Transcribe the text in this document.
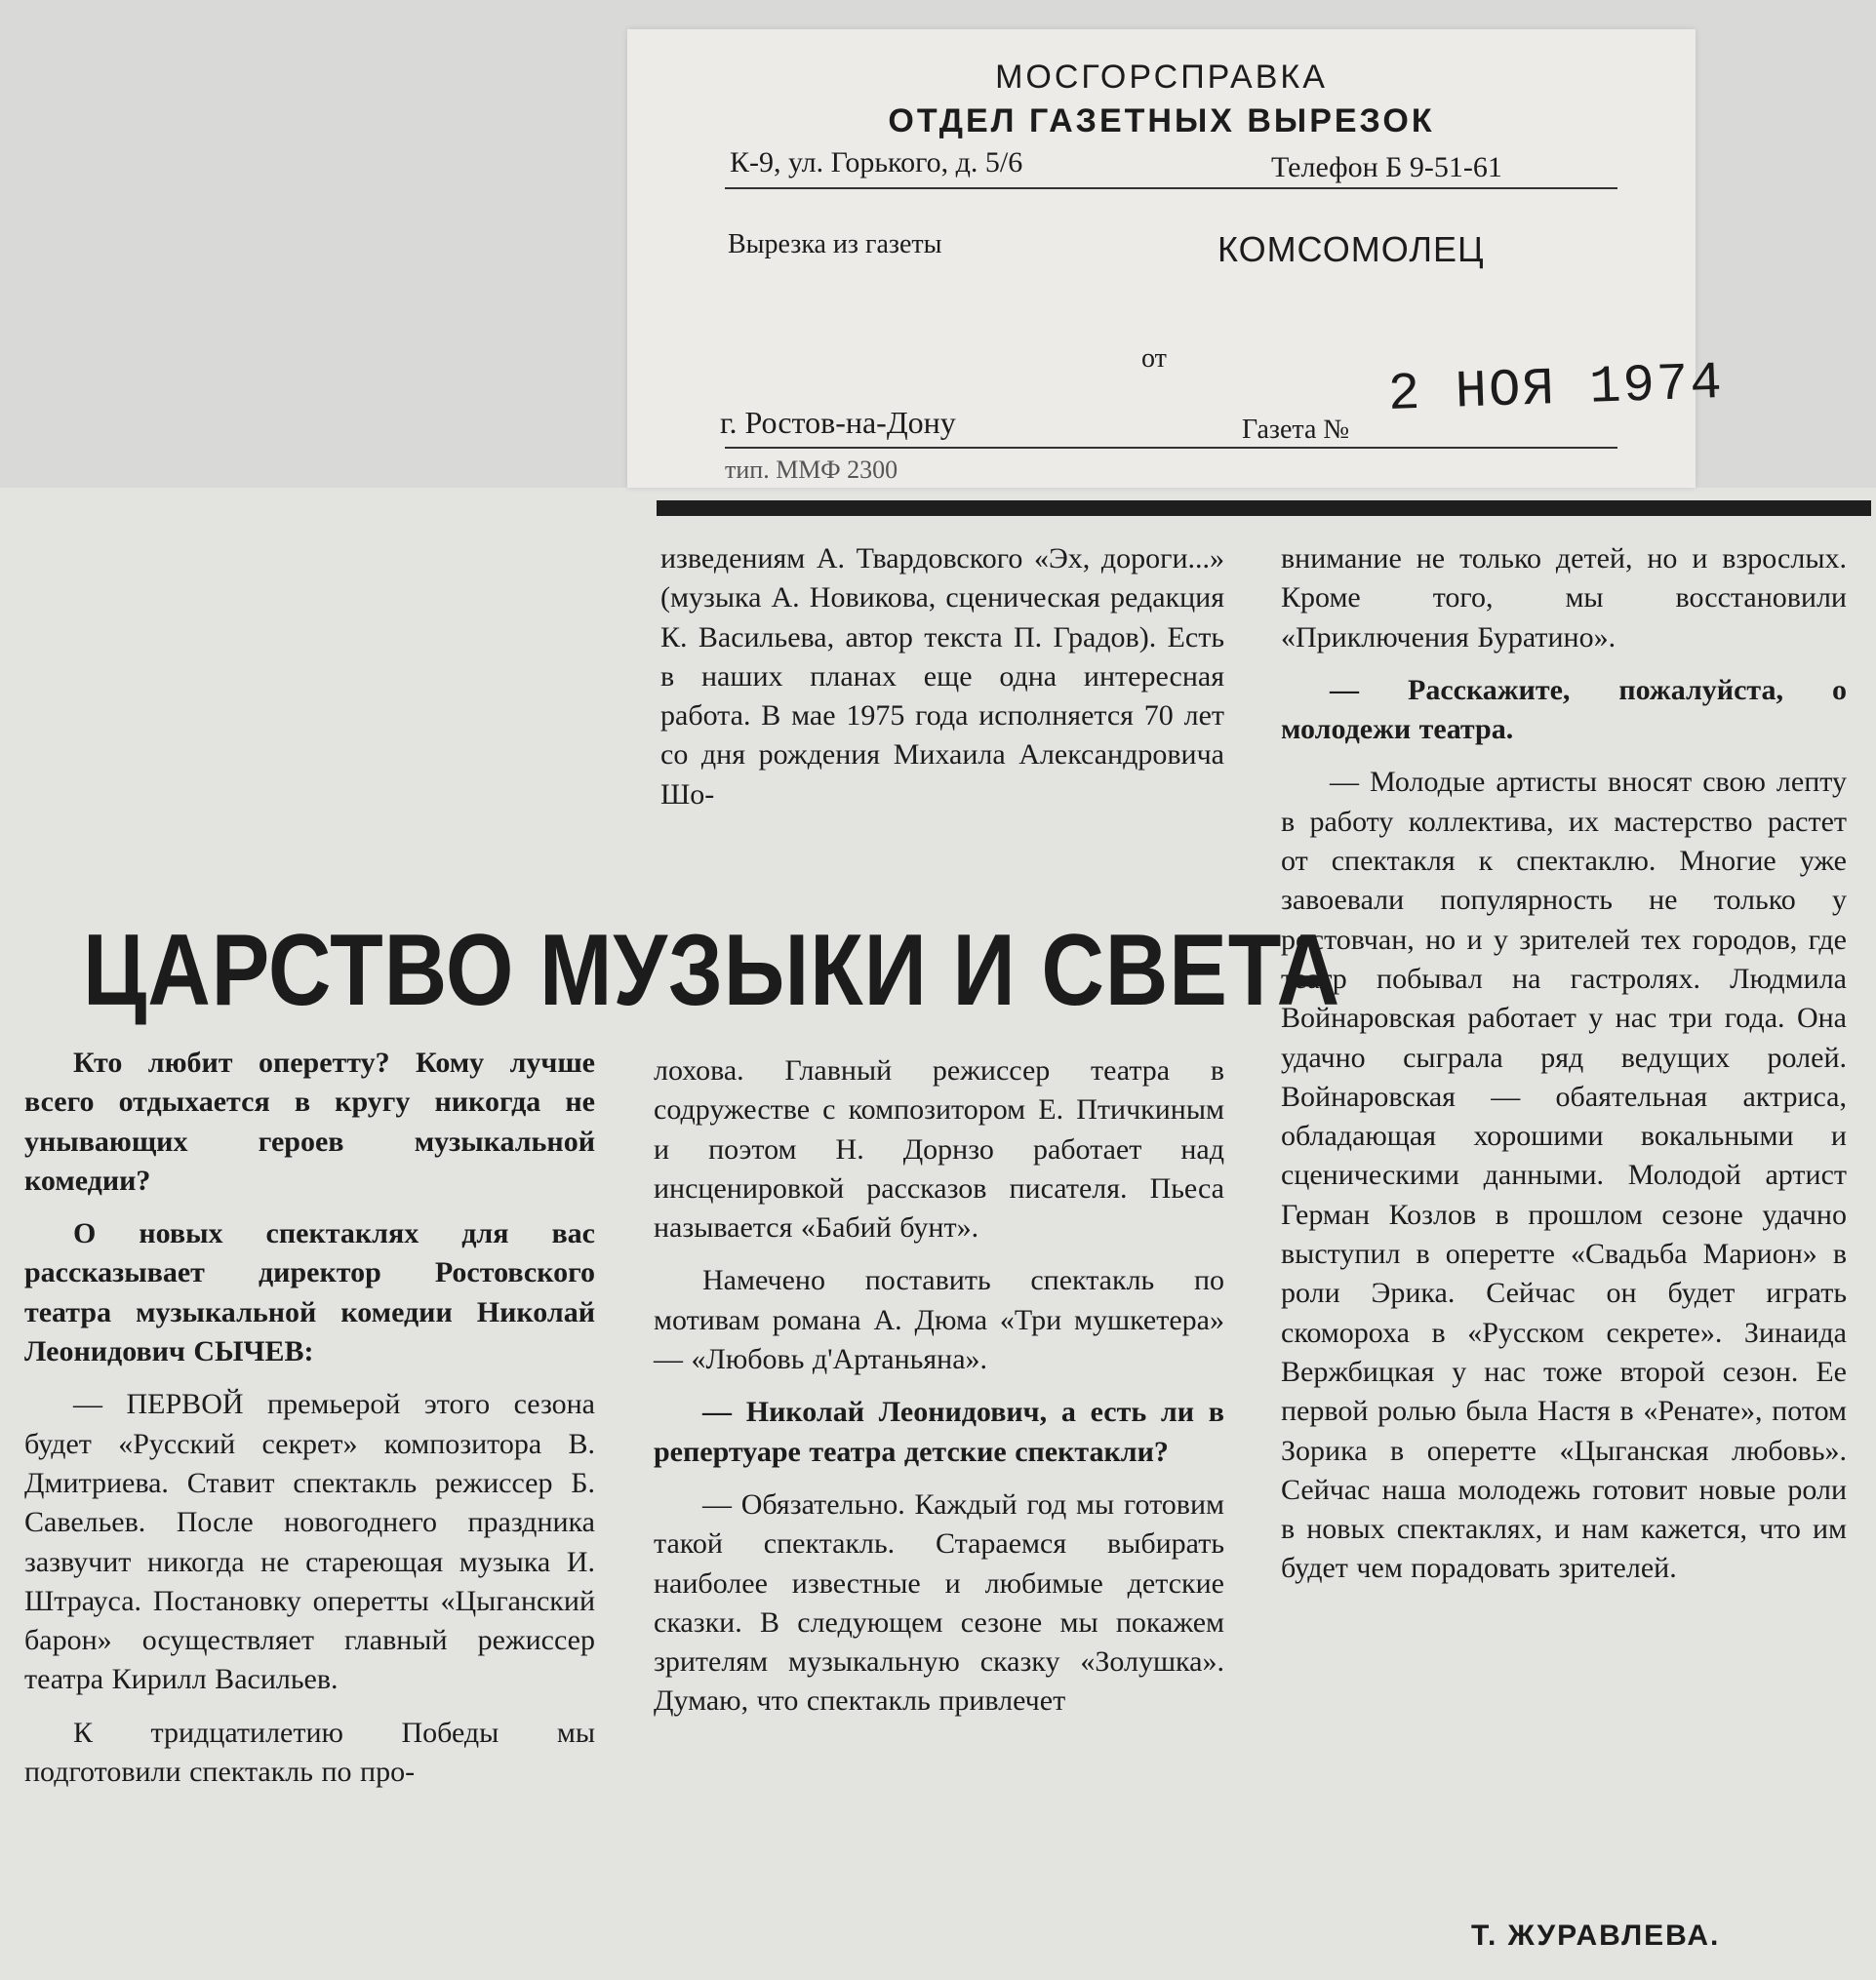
МОСГОРСПРАВКА
ОТДЕЛ ГАЗЕТНЫХ ВЫРЕЗОК
К-9, ул. Горького, д. 5/6	Телефон Б 9-51-61
Вырезка из газеты	КОМСОМОЛЕЦ
от
г. Ростов-на-Дону	Газета №
2 НОЯ 1974
тип. ММФ 2300

изведениям А. Твардовского «Эх, дороги...» (музыка А. Новикова, сценическая редакция К. Васильева, автор текста П. Градов). Есть в наших планах еще одна интересная работа. В мае 1975 года исполняется 70 лет со дня рождения Михаила Александровича Шо-

внимание не только детей, но и взрослых. Кроме того, мы восстановили «Приключения Буратино».

— Расскажите, пожалуйста, о молодежи театра.

— Молодые артисты вносят свою лепту в работу коллектива, их мастерство растет от спектакля к спектаклю. Многие уже завоевали популярность не только у ростовчан, но и у зрителей тех городов, где театр побывал на гастролях. Людмила Войнаровская работает у нас три года. Она удачно сыграла ряд ведущих ролей. Войнаровская — обаятельная актриса, обладающая хорошими вокальными и сценическими данными. Молодой артист Герман Козлов в прошлом сезоне удачно выступил в оперетте «Свадьба Марион» в роли Эрика. Сейчас он будет играть скомороха в «Русском секрете». Зинаида Вержбицкая у нас тоже второй сезон. Ее первой ролью была Настя в «Ренате», потом Зорика в оперетте «Цыганская любовь». Сейчас наша молодежь готовит новые роли в новых спектаклях, и нам кажется, что им будет чем порадовать зрителей.

ЦАРСТВО МУЗЫКИ И СВЕТА

Кто любит оперетту? Кому лучше всего отдыхается в кругу никогда не унывающих героев музыкальной комедии?

О новых спектаклях для вас рассказывает директор Ростовского театра музыкальной комедии Николай Леонидович СЫЧЕВ:

— ПЕРВОЙ премьерой этого сезона будет «Русский секрет» композитора В. Дмитриева. Ставит спектакль режиссер Б. Савельев. После новогоднего праздника зазвучит никогда не стареющая музыка И. Штрауса. Постановку оперетты «Цыганский барон» осуществляет главный режиссер театра Кирилл Васильев.

К тридцатилетию Победы мы подготовили спектакль по про-

лохова. Главный режиссер театра в содружестве с композитором Е. Птичкиным и поэтом Н. Дорнзо работает над инсценировкой рассказов писателя. Пьеса называется «Бабий бунт».

Намечено поставить спектакль по мотивам романа А. Дюма «Три мушкетера» — «Любовь д'Артаньяна».

— Николай Леонидович, а есть ли в репертуаре театра детские спектакли?

— Обязательно. Каждый год мы готовим такой спектакль. Стараемся выбирать наиболее известные и любимые детские сказки. В следующем сезоне мы покажем зрителям музыкальную сказку «Золушка». Думаю, что спектакль привлечет

Т. ЖУРАВЛЕВА.
